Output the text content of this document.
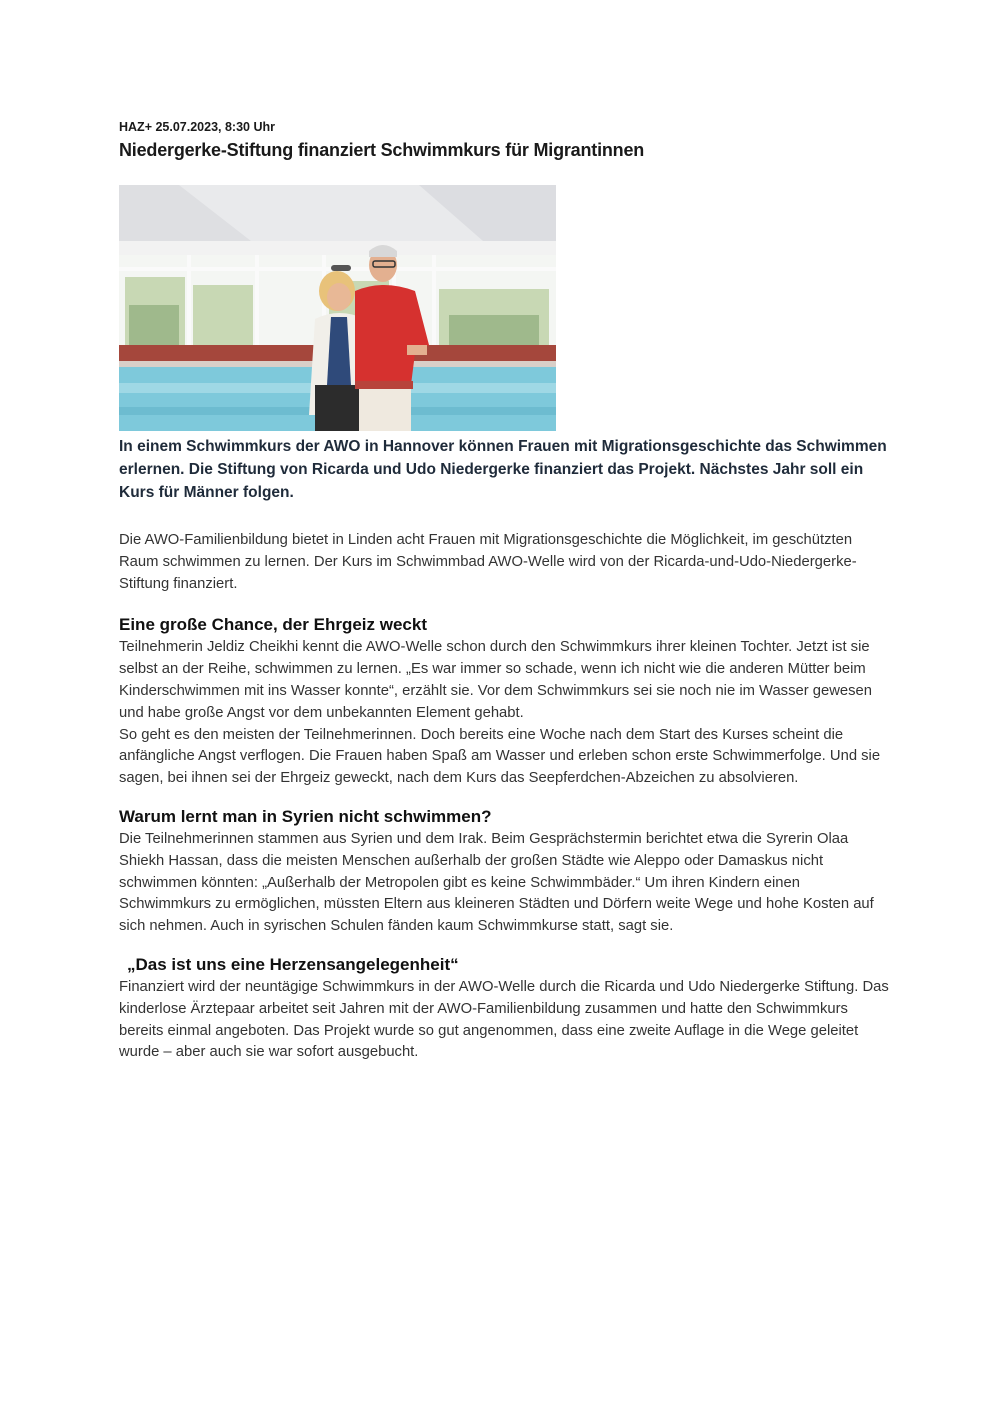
HAZ+ 25.07.2023, 8:30 Uhr
Niedergerke-Stiftung finanziert Schwimmkurs für Migrantinnen
In einem Schwimmkurs der AWO in Hannover können Frauen mit Migrationsgeschichte das Schwimmen erlernen. Die Stiftung von Ricarda und Udo Niedergerke finanziert das Projekt. Nächstes Jahr soll ein Kurs für Männer folgen.
Die AWO-Familienbildung bietet in Linden acht Frauen mit Migrationsgeschichte die Möglichkeit, im geschützten Raum schwimmen zu lernen. Der Kurs im Schwimmbad AWO-Welle wird von der Ricarda-und-Udo-Niedergerke-Stiftung finanziert.
Eine große Chance, der Ehrgeiz weckt
Teilnehmerin Jeldiz Cheikhi kennt die AWO-Welle schon durch den Schwimmkurs ihrer kleinen Tochter. Jetzt ist sie selbst an der Reihe, schwimmen zu lernen. „Es war immer so schade, wenn ich nicht wie die anderen Mütter beim Kinderschwimmen mit ins Wasser konnte“, erzählt sie. Vor dem Schwimmkurs sei sie noch nie im Wasser gewesen und habe große Angst vor dem unbekannten Element gehabt.
So geht es den meisten der Teilnehmerinnen. Doch bereits eine Woche nach dem Start des Kurses scheint die anfängliche Angst verflogen. Die Frauen haben Spaß am Wasser und erleben schon erste Schwimmerfolge. Und sie sagen, bei ihnen sei der Ehrgeiz geweckt, nach dem Kurs das Seepferdchen-Abzeichen zu absolvieren.
Warum lernt man in Syrien nicht schwimmen?
Die Teilnehmerinnen stammen aus Syrien und dem Irak. Beim Gesprächstermin berichtet etwa die Syrerin Olaa Shiekh Hassan, dass die meisten Menschen außerhalb der großen Städte wie Aleppo oder Damaskus nicht schwimmen könnten: „Außerhalb der Metropolen gibt es keine Schwimmbäder.“ Um ihren Kindern einen Schwimmkurs zu ermöglichen, müssten Eltern aus kleineren Städten und Dörfern weite Wege und hohe Kosten auf sich nehmen. Auch in syrischen Schulen fänden kaum Schwimmkurse statt, sagt sie.
„Das ist uns eine Herzensangelegenheit“
Finanziert wird der neuntägige Schwimmkurs in der AWO-Welle durch die Ricarda und Udo Niedergerke Stiftung. Das kinderlose Ärztepaar arbeitet seit Jahren mit der AWO-Familienbildung zusammen und hatte den Schwimmkurs bereits einmal angeboten. Das Projekt wurde so gut angenommen, dass eine zweite Auflage in die Wege geleitet wurde – aber auch sie war sofort ausgebucht.
